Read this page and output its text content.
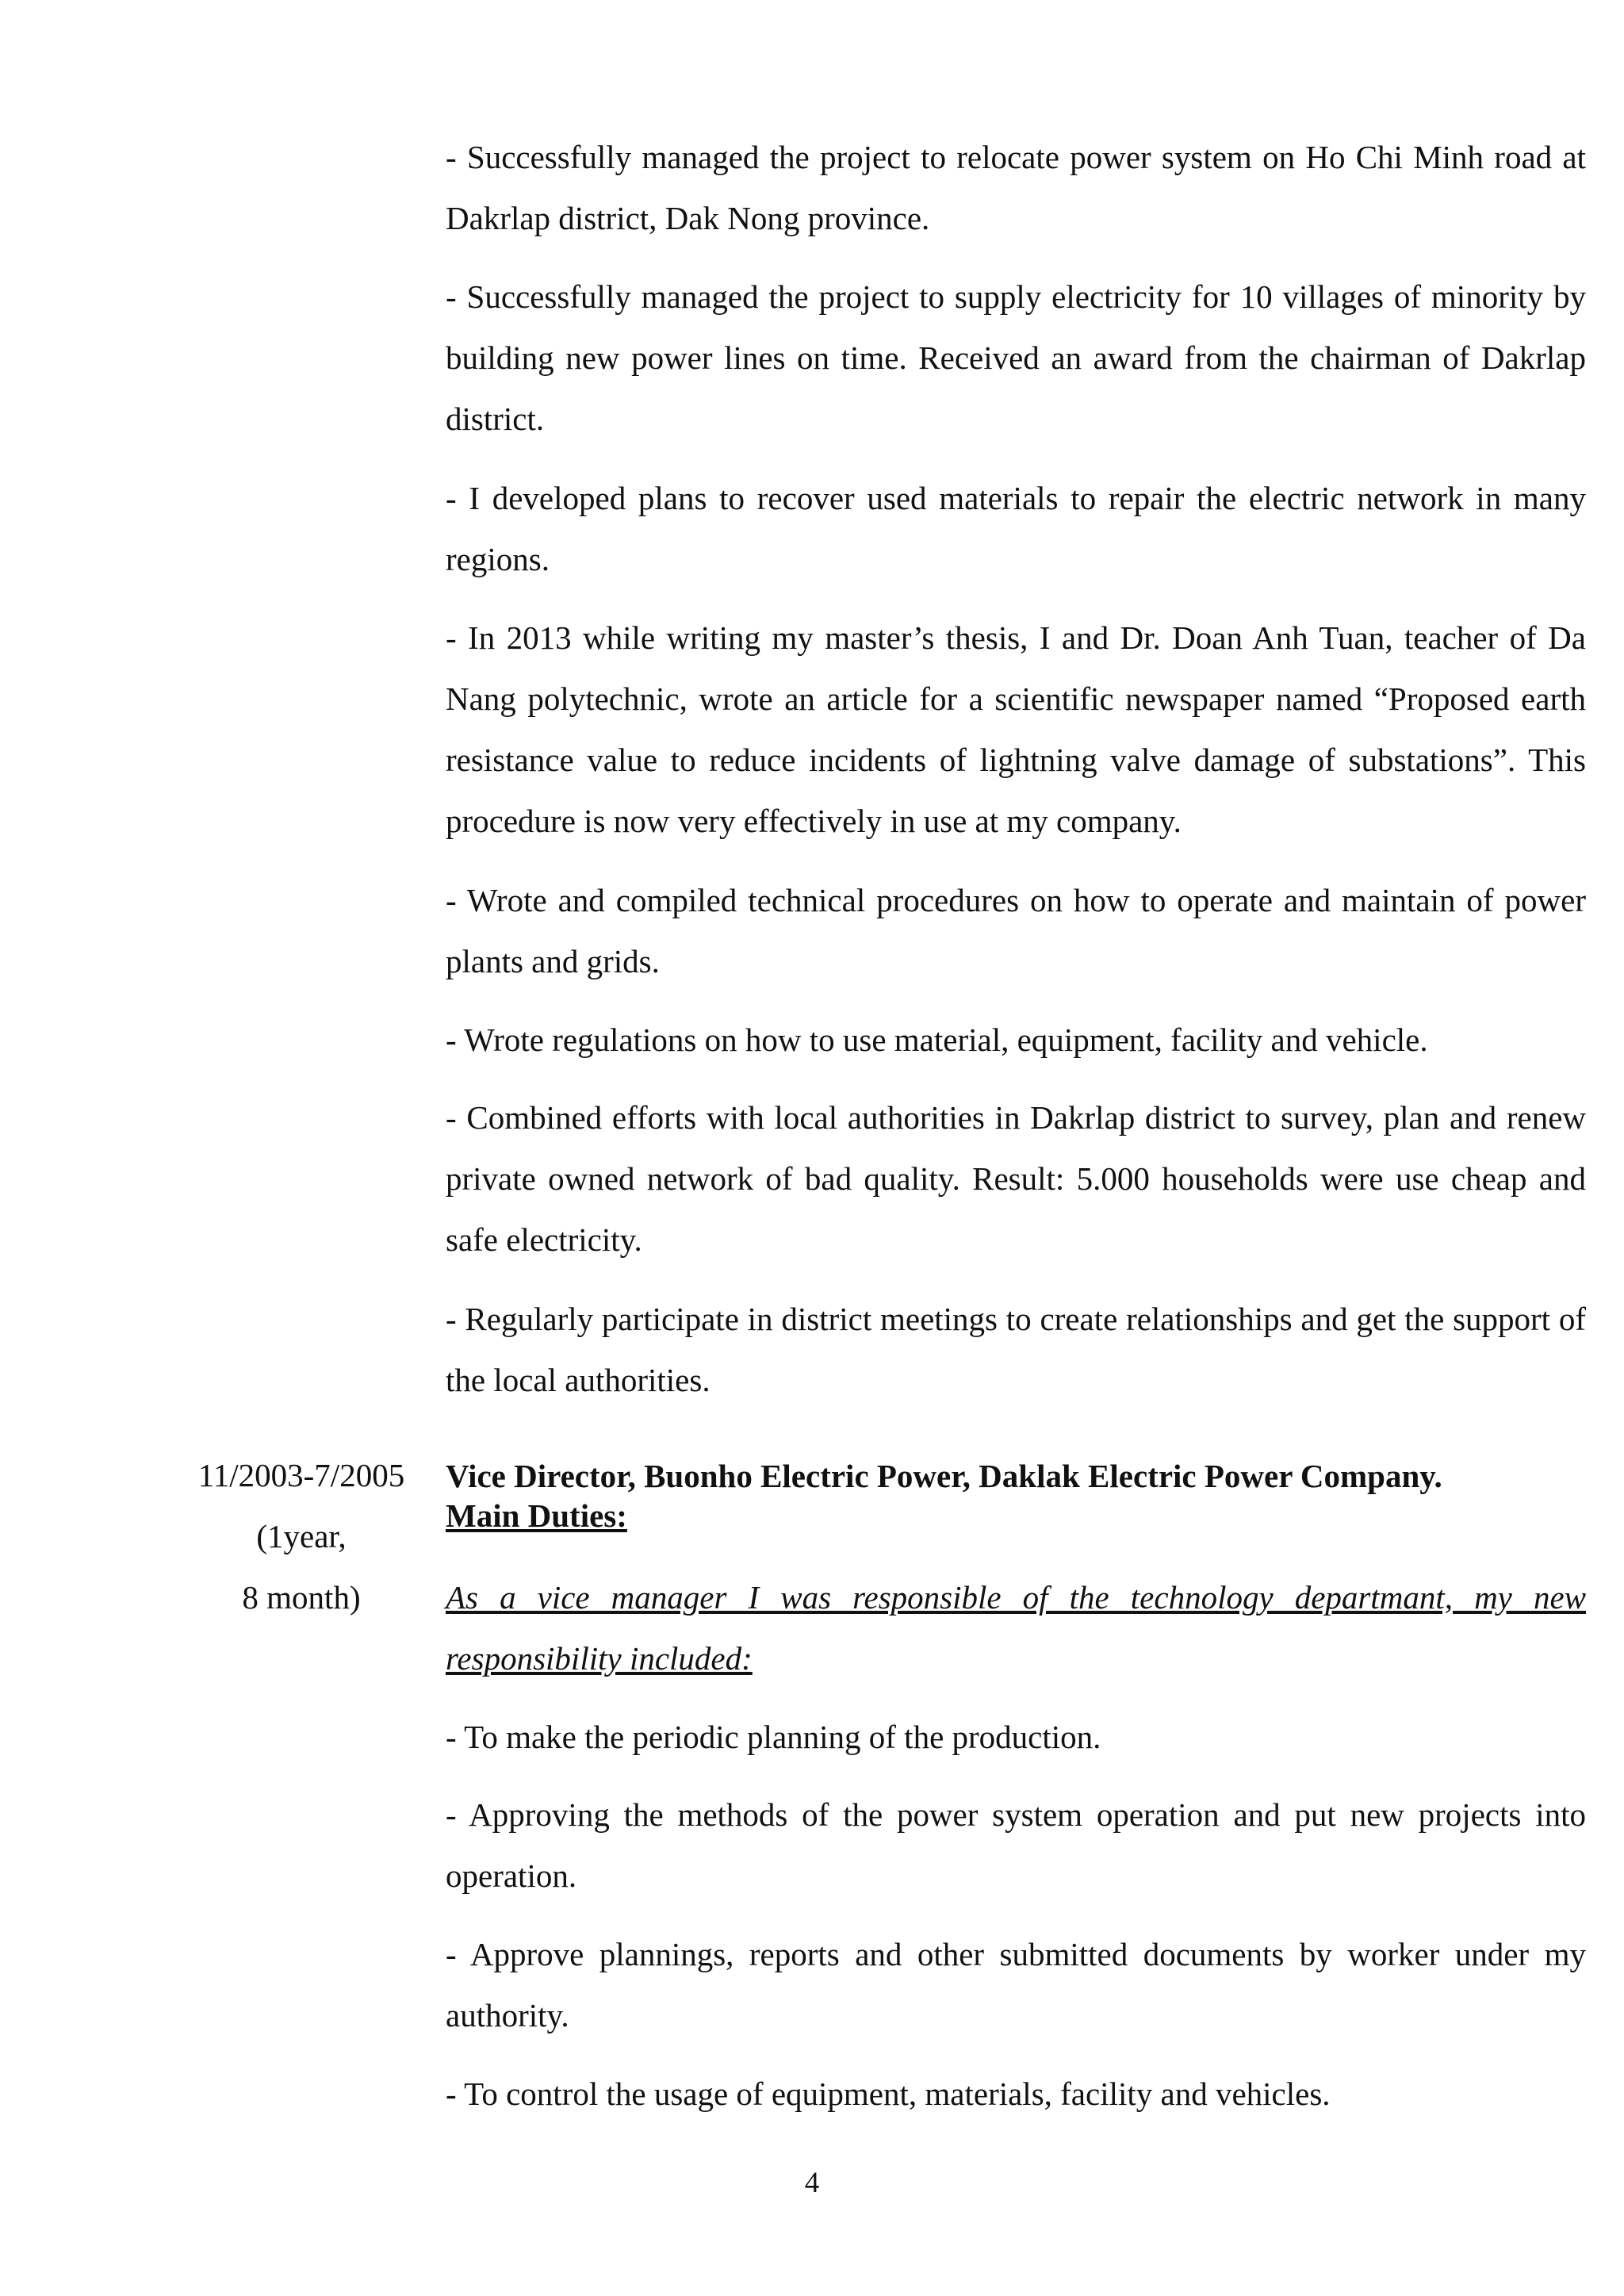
- Successfully managed the project to relocate power system on Ho Chi Minh road at Dakrlap district, Dak Nong province.

- Successfully managed the project to supply electricity for 10 villages of minority by building new power lines on time. Received an award from the chairman of Dakrlap district.

- I developed plans to recover used materials to repair the electric network in many regions.

- In 2013 while writing my master’s thesis, I and Dr. Doan Anh Tuan, teacher of Da Nang polytechnic, wrote an article for a scientific newspaper named “Proposed earth resistance value to reduce incidents of lightning valve damage of substations”. This procedure is now very effectively in use at my company.

- Wrote and compiled technical procedures on how to operate and maintain of power plants and grids.

- Wrote regulations on how to use material, equipment, facility and vehicle.

- Combined efforts with local authorities in Dakrlap district to survey, plan and renew private owned network of bad quality. Result: 5.000 households were use cheap and safe electricity.

- Regularly participate in district meetings to create relationships and get the support of the local authorities.

11/2003-7/2005
(1year,
8 month)
Vice Director, Buonho Electric Power, Daklak Electric Power Company.
Main Duties:

As a vice manager I was responsible of the technology departmant, my new responsibility included:

- To make the periodic planning of the production.

- Approving the methods of the power system operation and put new projects into operation.

- Approve plannings, reports and other submitted documents by worker under my authority.

- To control the usage of equipment, materials, facility and vehicles.

4
